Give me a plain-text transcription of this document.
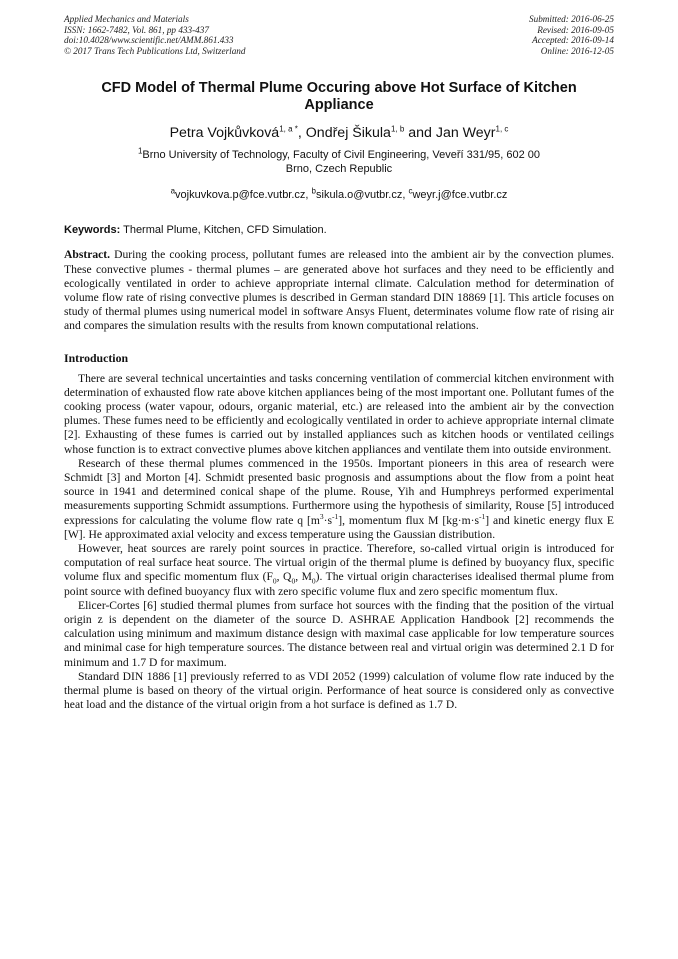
Applied Mechanics and Materials
ISSN: 1662-7482, Vol. 861, pp 433-437
doi:10.4028/www.scientific.net/AMM.861.433
© 2017 Trans Tech Publications Ltd, Switzerland
Submitted: 2016-06-25
Revised: 2016-09-05
Accepted: 2016-09-14
Online: 2016-12-05
CFD Model of Thermal Plume Occuring above Hot Surface of Kitchen Appliance
Petra Vojkůvková$^{1, a *}$, Ondřej Šikula$^{1, b}$ and Jan Weyr$^{1, c}$
$^1$Brno University of Technology, Faculty of Civil Engineering, Veveří 331/95, 602 00 Brno, Czech Republic
$^a$vojkuvkova.p@fce.vutbr.cz, $^b$sikula.o@vutbr.cz, $^c$weyr.j@fce.vutbr.cz
Keywords: Thermal Plume, Kitchen, CFD Simulation.

Abstract. During the cooking process, pollutant fumes are released into the ambient air by the convection plumes. These convective plumes - thermal plumes – are generated above hot surfaces and they need to be efficiently and ecologically ventilated in order to achieve appropriate internal climate. Calculation method for determination of volume flow rate of rising convective plumes is described in German standard DIN 18869 [1]. This article focuses on study of thermal plumes using numerical model in software Ansys Fluent, determinates volume flow rate of rising air and compares the simulation results with the results from known computational relations.

Introduction

There are several technical uncertainties and tasks concerning ventilation of commercial kitchen environment with determination of exhausted flow rate above kitchen appliances being of the most important one. Pollutant fumes of the cooking process (water vapour, odours, organic material, etc.) are released into the ambient air by the convection plumes. These fumes need to be efficiently and ecologically ventilated in order to achieve appropriate internal climate [2]. Exhausting of these fumes is carried out by installed appliances such as kitchen hoods or ventilated ceilings whose function is to extract convective plumes above kitchen appliances and ventilate them into outside environment.

Research of these thermal plumes commenced in the 1950s. Important pioneers in this area of research were Schmidt [3] and Morton [4]. Schmidt presented basic prognosis and assumptions about the flow from a point heat source in 1941 and determined conical shape of the plume. Rouse, Yih and Humphreys performed experimental measurements supporting Schmidt assumptions. Furthermore using the hypothesis of similarity, Rouse [5] introduced expressions for calculating the volume flow rate q $[m^3\cdot s^{-1}]$, momentum flux M $[kg\cdot m\cdot s^{-1}]$ and kinetic energy flux E [W]. He approximated axial velocity and excess temperature using the Gaussian distribution.

However, heat sources are rarely point sources in practice. Therefore, so-called virtual origin is introduced for computation of real surface heat source. The virtual origin of the thermal plume is defined by buoyancy flux, specific volume flux and specific momentum flux ($F_0$, $Q_0$, $M_0$). The virtual origin characterises idealised thermal plume from point source with defined buoyancy flux with zero specific volume flux and zero specific momentum flux.

Elicer-Cortes [6] studied thermal plumes from surface hot sources with the finding that the position of the virtual origin z is dependent on the diameter of the source D. ASHRAE Application Handbook [2] recommends the calculation using minimum and maximum distance design with maximal case applicable for low temperature sources and minimal case for high temperature sources. The distance between real and virtual origin was determined 2.1 D for minimum and 1.7 D for maximum.

Standard DIN 1886 [1] previously referred to as VDI 2052 (1999) calculation of volume flow rate induced by the thermal plume is based on theory of the virtual origin. Performance of heat source is considered only as convective heat load and the distance of the virtual origin from a hot surface is defined as 1.7 D.
